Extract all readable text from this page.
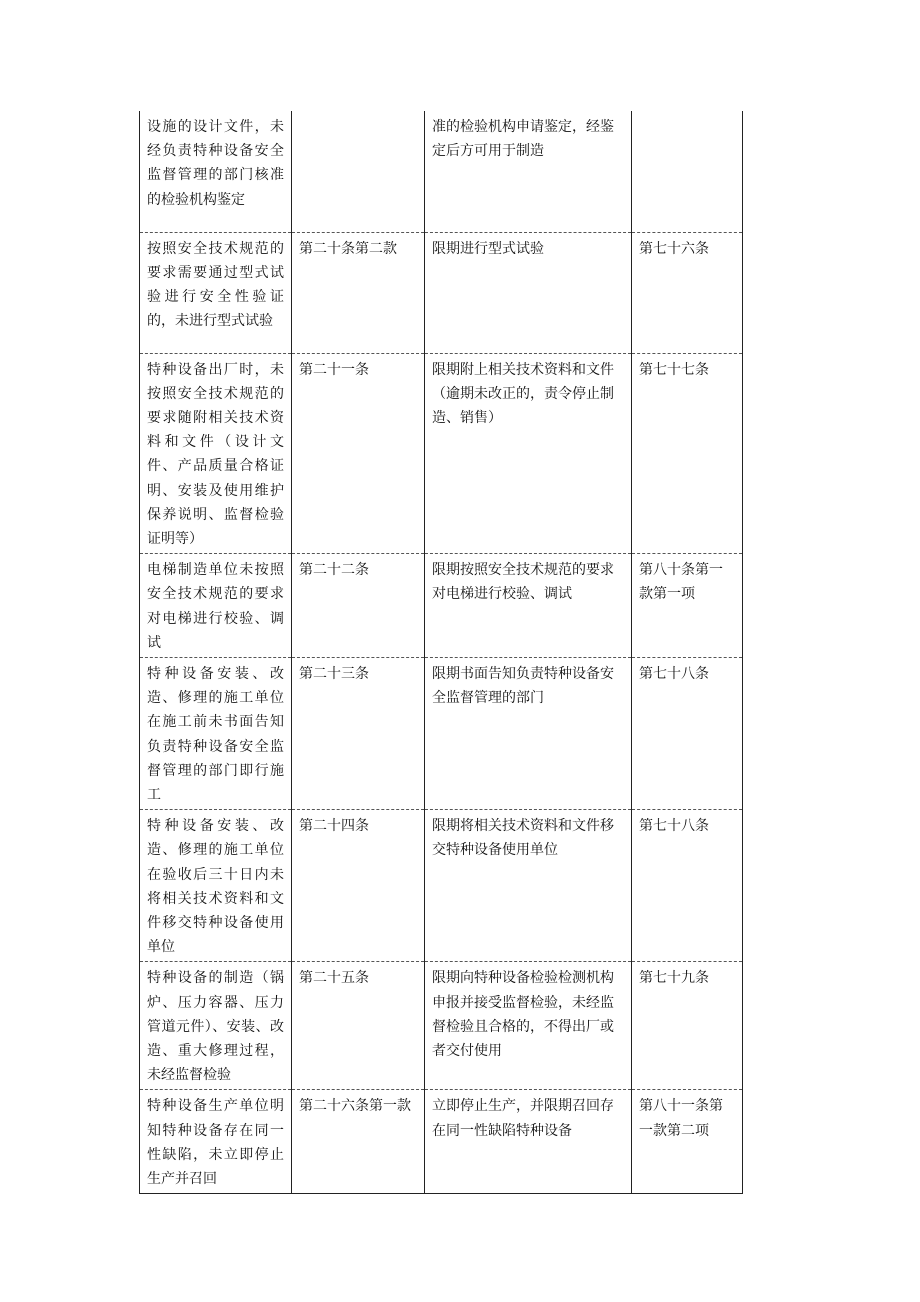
设施的设计文件，未经负责特种设备安全监督管理的部门核准的检验机构鉴定		准的检验机构申请鉴定，经鉴定后方可用于制造	
按照安全技术规范的要求需要通过型式试验进行安全性验证的，未进行型式试验	第二十条第二款	限期进行型式试验	第七十六条
特种设备出厂时，未按照安全技术规范的要求随附相关技术资料和文件（设计文件、产品质量合格证明、安装及使用维护保养说明、监督检验证明等）	第二十一条	限期附上相关技术资料和文件（逾期未改正的，责令停止制造、销售）	第七十七条
电梯制造单位未按照安全技术规范的要求对电梯进行校验、调试	第二十二条	限期按照安全技术规范的要求对电梯进行校验、调试	第八十条第一款第一项
特种设备安装、改造、修理的施工单位在施工前未书面告知负责特种设备安全监督管理的部门即行施工	第二十三条	限期书面告知负责特种设备安全监督管理的部门	第七十八条
特种设备安装、改造、修理的施工单位在验收后三十日内未将相关技术资料和文件移交特种设备使用单位	第二十四条	限期将相关技术资料和文件移交特种设备使用单位	第七十八条
特种设备的制造（锅炉、压力容器、压力管道元件）、安装、改造、重大修理过程，未经监督检验	第二十五条	限期向特种设备检验检测机构申报并接受监督检验，未经监督检验且合格的，不得出厂或者交付使用	第七十九条
特种设备生产单位明知特种设备存在同一性缺陷，未立即停止生产并召回	第二十六条第一款	立即停止生产，并限期召回存在同一性缺陷特种设备	第八十一条第一款第二项
